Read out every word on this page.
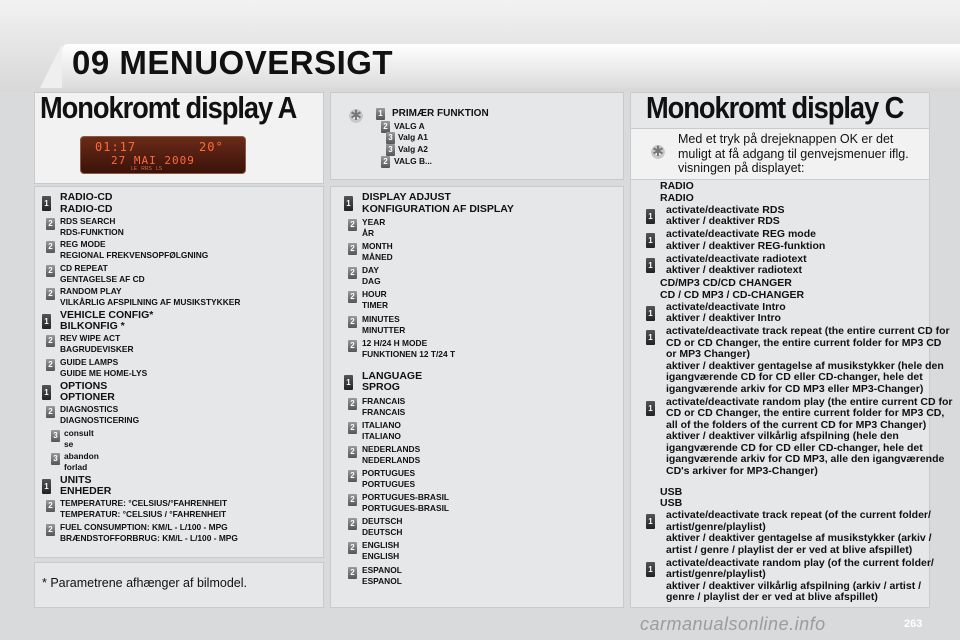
09 MENUOVERSIGT
Monokromt display A
01:17	20°
27 MAI 2009
LE   RRS   LS
1
RADIO-CD
RADIO-CD
2 RDS SEARCH
RDS-FUNKTION
2 REG MODE
REGIONAL FREKVENSOPFØLGNING
2 CD REPEAT
GENTAGELSE AF CD
2 RANDOM PLAY
VILKÅRLIG AFSPILNING AF MUSIKSTYKKER
1
VEHICLE CONFIG*
BILKONFIG *
2 REV WIPE ACT
BAGRUDEVISKER
2 GUIDE LAMPS
GUIDE ME HOME-LYS
1
OPTIONS
OPTIONER
2 DIAGNOSTICS
DIAGNOSTICERING
3 consult
se
3 abandon
forlad
1
UNITS
ENHEDER
2 TEMPERATURE: °CELSIUS/°FAHRENHEIT
TEMPERATUR: °CELSIUS / °FAHRENHEIT
2 FUEL CONSUMPTION: KM/L - L/100 - MPG
BRÆNDSTOFFORBRUG: KM/L - L/100 - MPG
* Parametrene afhænger af bilmodel.
✱
1 PRIMÆR FUNKTION
2 VALG A
3 Valg A1
3 Valg A2
2 VALG B...
1
DISPLAY ADJUST
KONFIGURATION AF DISPLAY
2 YEAR
ÅR
2 MONTH
MÅNED
2 DAY
DAG
2 HOUR
TIMER
2 MINUTES
MINUTTER
2 12 H/24 H MODE
FUNKTIONEN 12 T/24 T
1
LANGUAGE
SPROG
2 FRANCAIS
FRANCAIS
2 ITALIANO
ITALIANO
2 NEDERLANDS
NEDERLANDS
2 PORTUGUES
PORTUGUES
2 PORTUGUES-BRASIL
PORTUGUES-BRASIL
2 DEUTSCH
DEUTSCH
2 ENGLISH
ENGLISH
2 ESPANOL
ESPANOL
Monokromt display C
✱
Med et tryk på drejeknappen OK er det
muligt at få adgang til genvejsmenuer iflg.
visningen på displayet:
RADIO
RADIO
1
activate/deactivate RDS
aktiver / deaktiver RDS
1
activate/deactivate REG mode
aktiver / deaktiver REG-funktion
1
activate/deactivate radiotext
aktiver / deaktiver radiotext
CD/MP3 CD/CD CHANGER
CD / CD MP3 / CD-CHANGER
1
activate/deactivate Intro
aktiver / deaktiver Intro
1
activate/deactivate track repeat (the entire current CD for
CD or CD Changer, the entire current folder for MP3 CD
or MP3 Changer)
aktiver / deaktiver gentagelse af musikstykker (hele den
igangværende CD for CD eller CD-changer, hele det
igangværende arkiv for CD MP3 eller MP3-Changer)
1
activate/deactivate random play (the entire current CD for
CD or CD Changer, the entire current folder for MP3 CD,
all of the folders of the current CD for MP3 Changer)
aktiver / deaktiver vilkårlig afspilning (hele den
igangværende CD for CD eller CD-changer, hele det
igangværende arkiv for CD MP3, alle den igangværende
CD's arkiver for MP3-Changer)
USB
USB
1
activate/deactivate track repeat (of the current folder/
artist/genre/playlist)
aktiver / deaktiver gentagelse af musikstykker (arkiv /
artist / genre / playlist der er ved at blive afspillet)
1
activate/deactivate random play (of the current folder/
artist/genre/playlist)
aktiver / deaktiver vilkårlig afspilning (arkiv / artist /
genre / playlist der er ved at blive afspillet)
263
carmanualsonline.info
